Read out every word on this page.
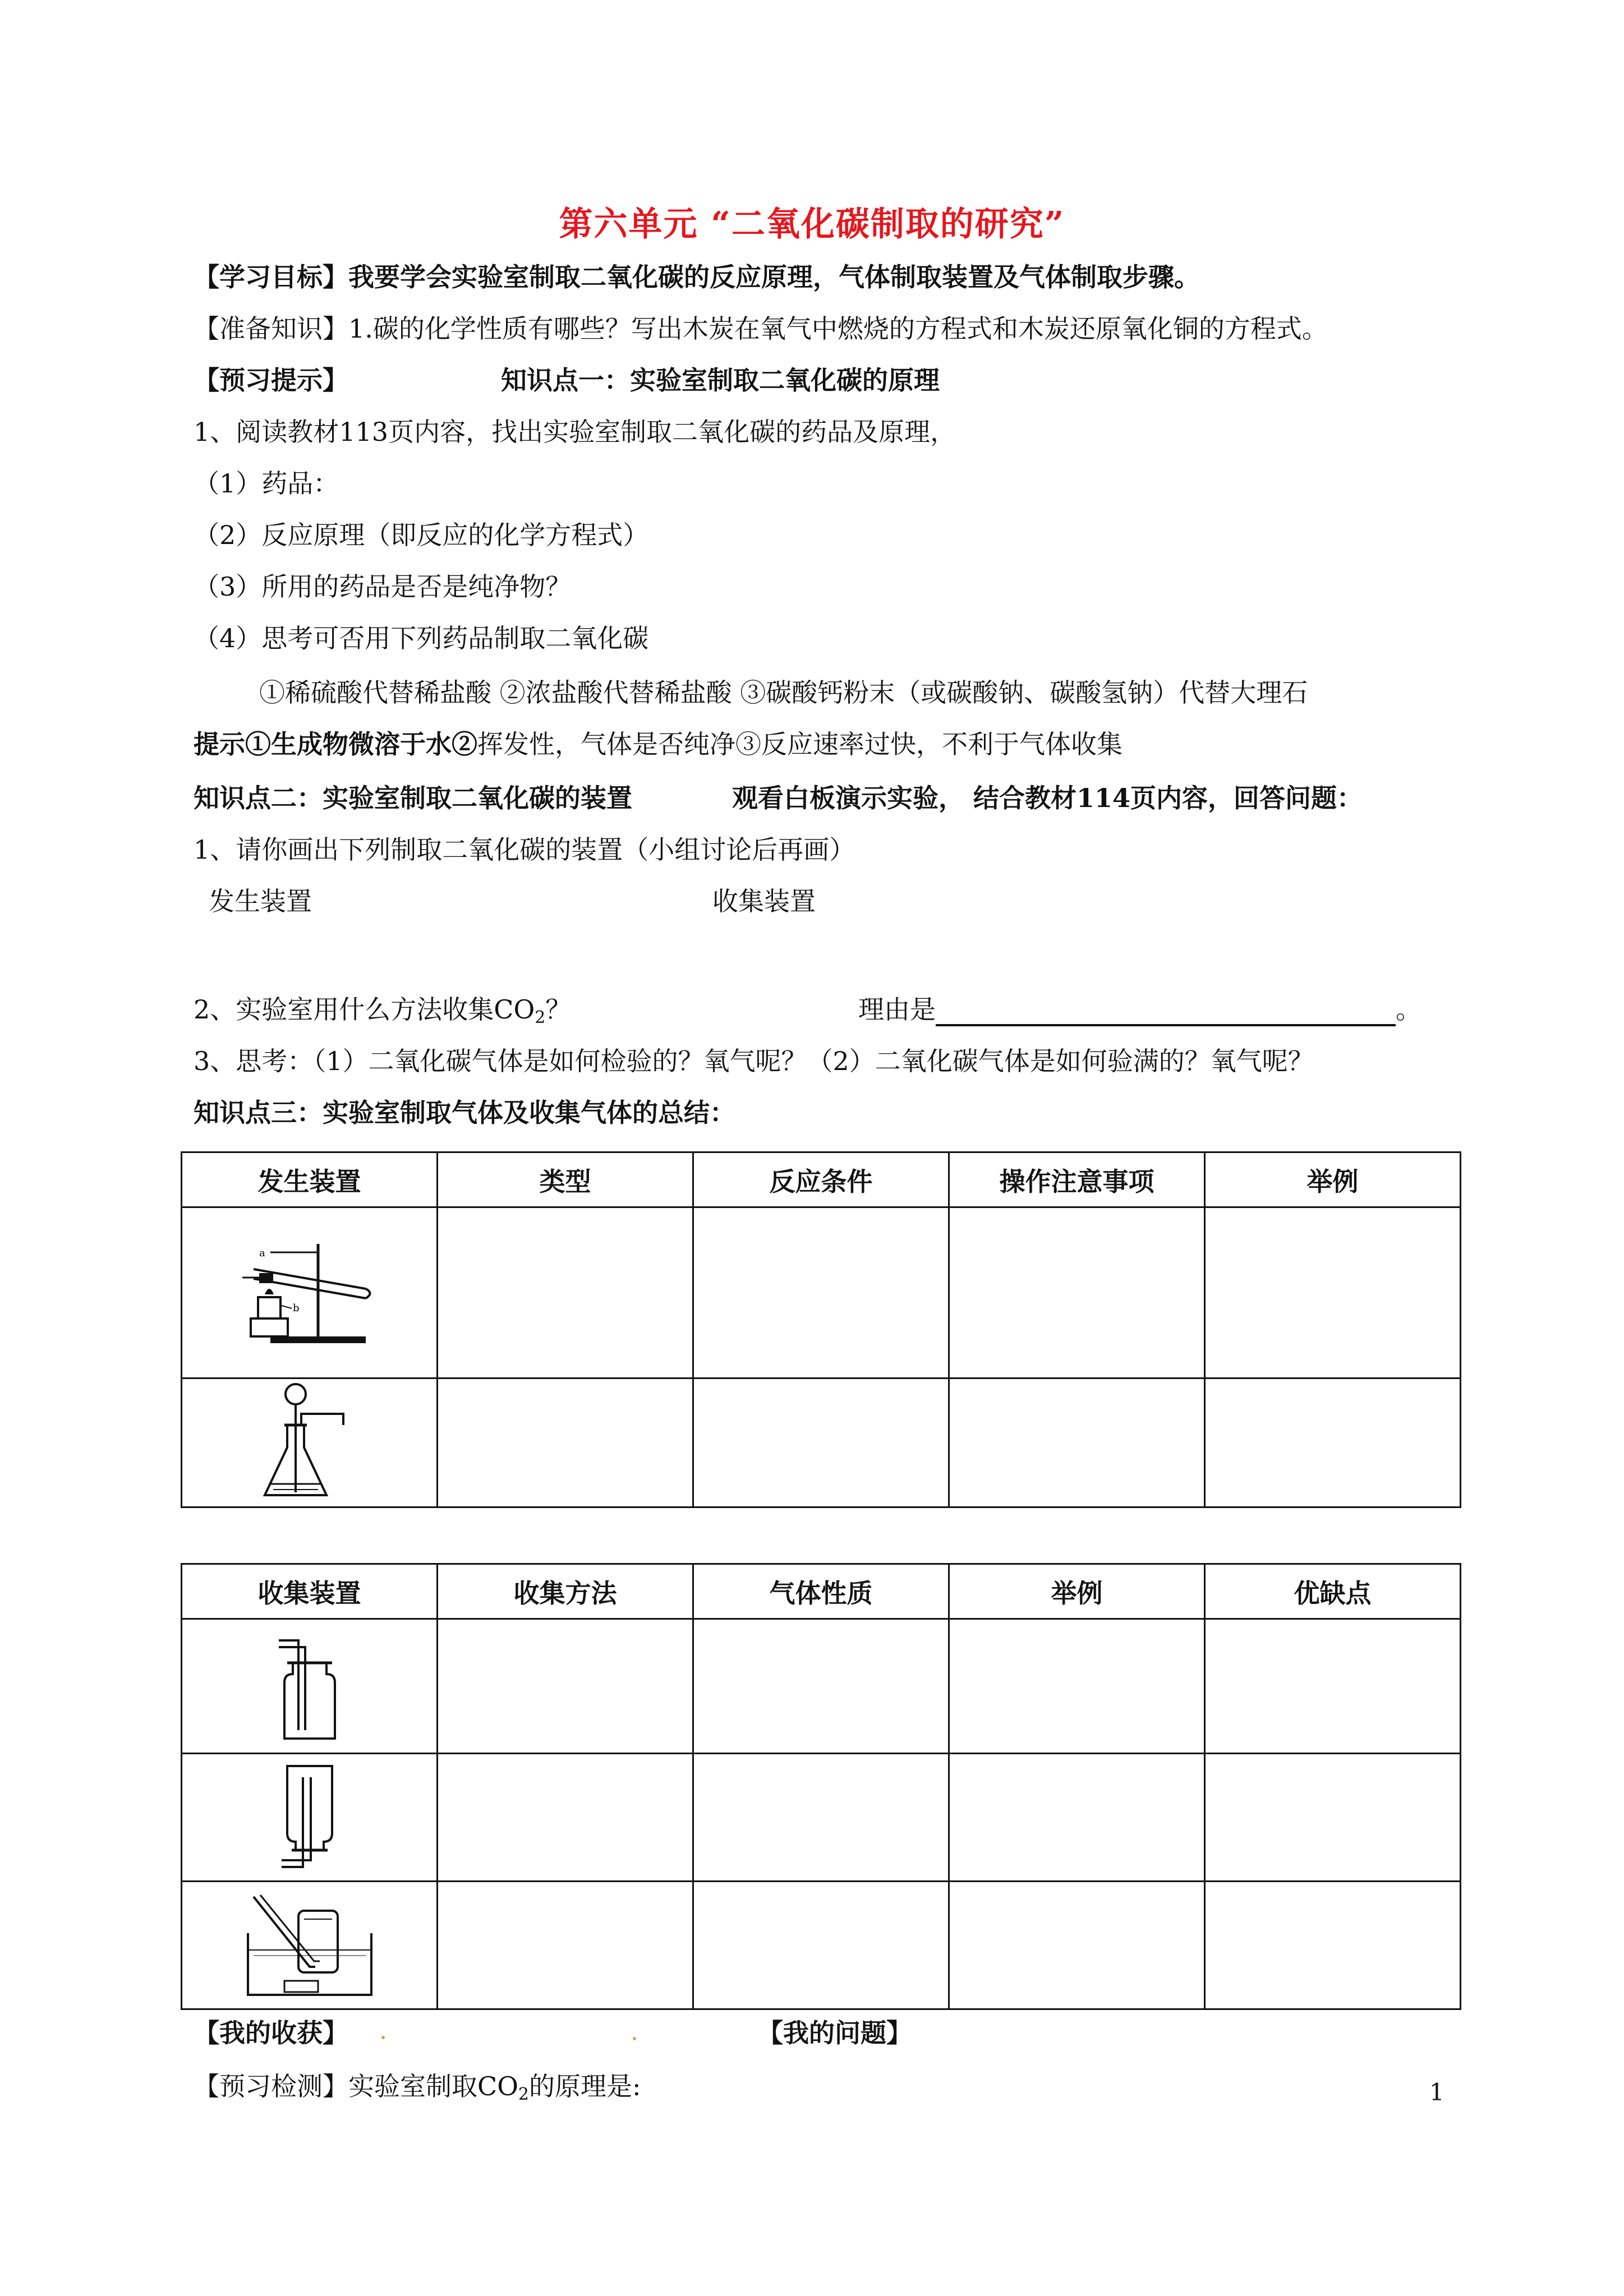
第六单元 “二氧化碳制取的研究”
【学习目标】我要学会实验室制取二氧化碳的反应原理，气体制取装置及气体制取步骤。
【准备知识】1.碳的化学性质有哪些？写出木炭在氧气中燃烧的方程式和木炭还原氧化铜的方程式。
【预习提示】	知识点一：实验室制取二氧化碳的原理
1、阅读教材113页内容，找出实验室制取二氧化碳的药品及原理，
（1）药品：
（2）反应原理（即反应的化学方程式）
（3）所用的药品是否是纯净物？
（4）思考可否用下列药品制取二氧化碳
①稀硫酸代替稀盐酸 ②浓盐酸代替稀盐酸 ③碳酸钙粉末（或碳酸钠、碳酸氢钠）代替大理石
提示①生成物微溶于水②挥发性，气体是否纯净③反应速率过快，不利于气体收集
知识点二：实验室制取二氧化碳的装置	观看白板演示实验， 结合教材114页内容，回答问题：
1、请你画出下列制取二氧化碳的装置（小组讨论后再画）
发生装置	收集装置
2、实验室用什么方法收集$CO_2$？	理由是	。
3、思考：（1）二氧化碳气体是如何检验的？氧气呢？（2）二氧化碳气体是如何验满的？氧气呢？
知识点三：实验室制取气体及收集气体的总结：
发生装置	类型	反应条件	操作注意事项	举例

a
b				

收集装置	收集方法	气体性质	举例	优缺点

【我的收获】	【我的问题】
【预习检测】实验室制取$CO_2$的原理是:	1
